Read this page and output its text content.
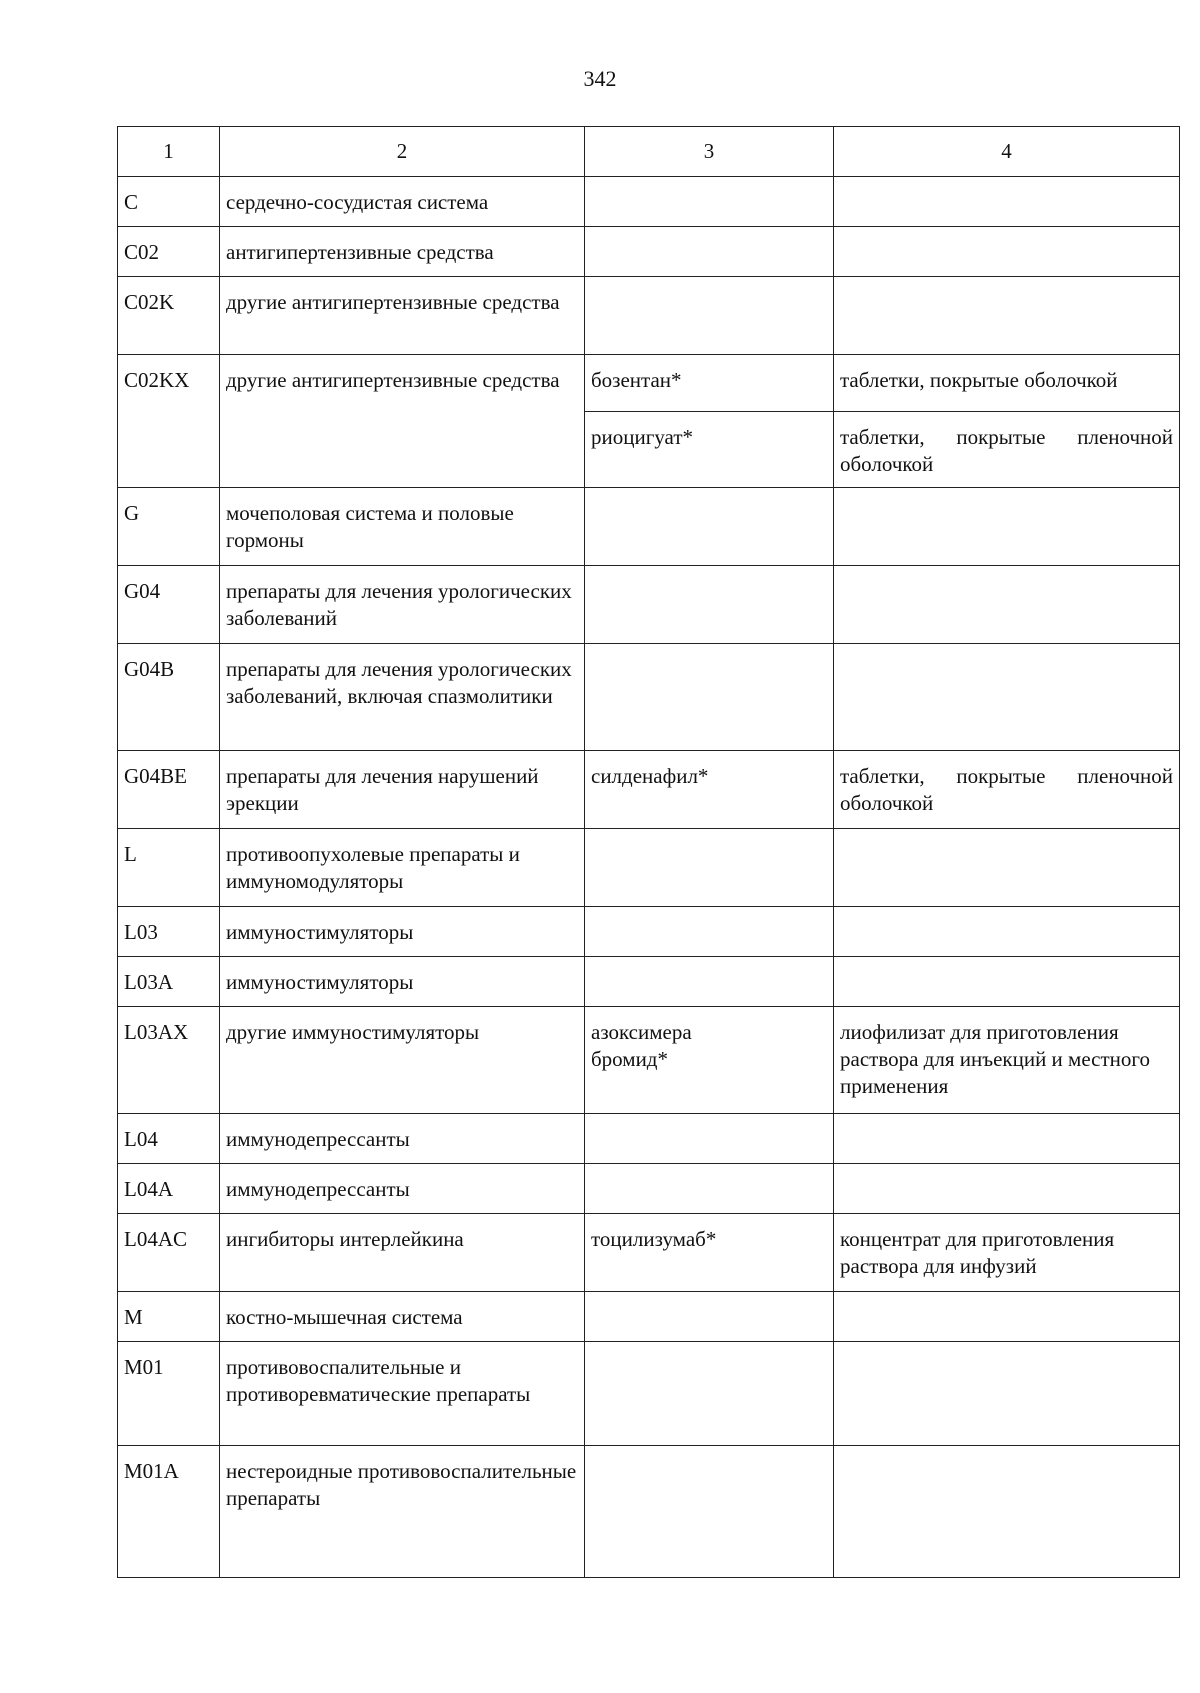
342
1	2	3	4
C	сердечно-сосудистая система		
C02	антигипертензивные средства		
C02K	другие антигипертензивные средства		
C02KX	другие антигипертензивные средства	бозентан*	таблетки, покрытые оболочкой
		риоцигуат*	таблетки, покрытые пленочной оболочкой
G	мочеполовая система и половые гормоны		
G04	препараты для лечения урологических заболеваний		
G04B	препараты для лечения урологических заболеваний, включая спазмолитики		
G04BE	препараты для лечения нарушений эрекции	силденафил*	таблетки, покрытые пленочной оболочкой
L	противоопухолевые препараты и иммуномодуляторы		
L03	иммуностимуляторы		
L03A	иммуностимуляторы		
L03AX	другие иммуностимуляторы	азоксимера бромид*	лиофилизат для приготовления раствора для инъекций и местного применения
L04	иммунодепрессанты		
L04A	иммунодепрессанты		
L04AC	ингибиторы интерлейкина	тоцилизумаб*	концентрат для приготовления раствора для инфузий
M	костно-мышечная система		
M01	противовоспалительные и противоревматические препараты		
M01A	нестероидные противовоспалительные препараты		
